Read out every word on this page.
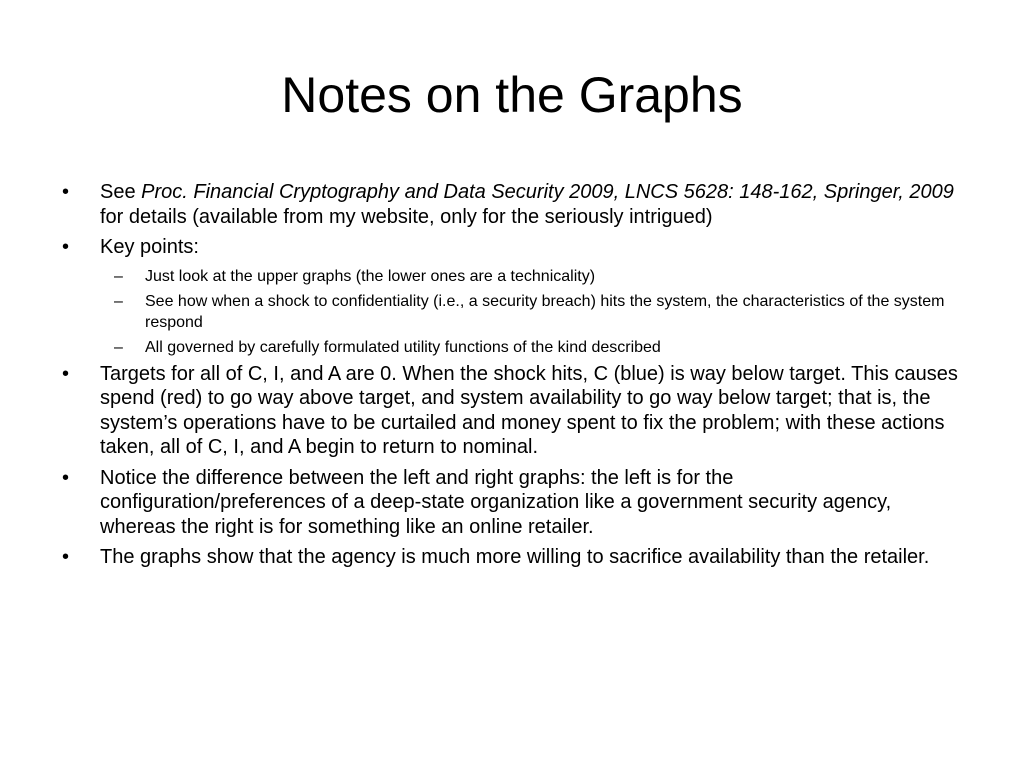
Notes on the Graphs
•	See Proc. Financial Cryptography and Data Security 2009, LNCS 5628: 148-162, Springer, 2009 for details (available from my website, only for the seriously intrigued)
•	Key points:
– Just look at the upper graphs (the lower ones are a technicality)
– See how when a shock to confidentiality (i.e., a security breach) hits the system, the characteristics of the system respond
– All governed by carefully formulated utility functions of the kind described
•	Targets for all of C, I, and A are 0. When the shock hits, C (blue) is way below target. This causes spend (red) to go way above target, and system availability to go way below target; that is, the system’s operations have to be curtailed and money spent to fix the problem; with these actions taken, all of C, I, and A begin to return to nominal.
•	Notice the difference between the left and right graphs: the left is for the configuration/preferences of a deep-state organization like a government security agency, whereas the right is for something like an online retailer.
•	The graphs show that the agency is much more willing to sacrifice availability than the retailer.
